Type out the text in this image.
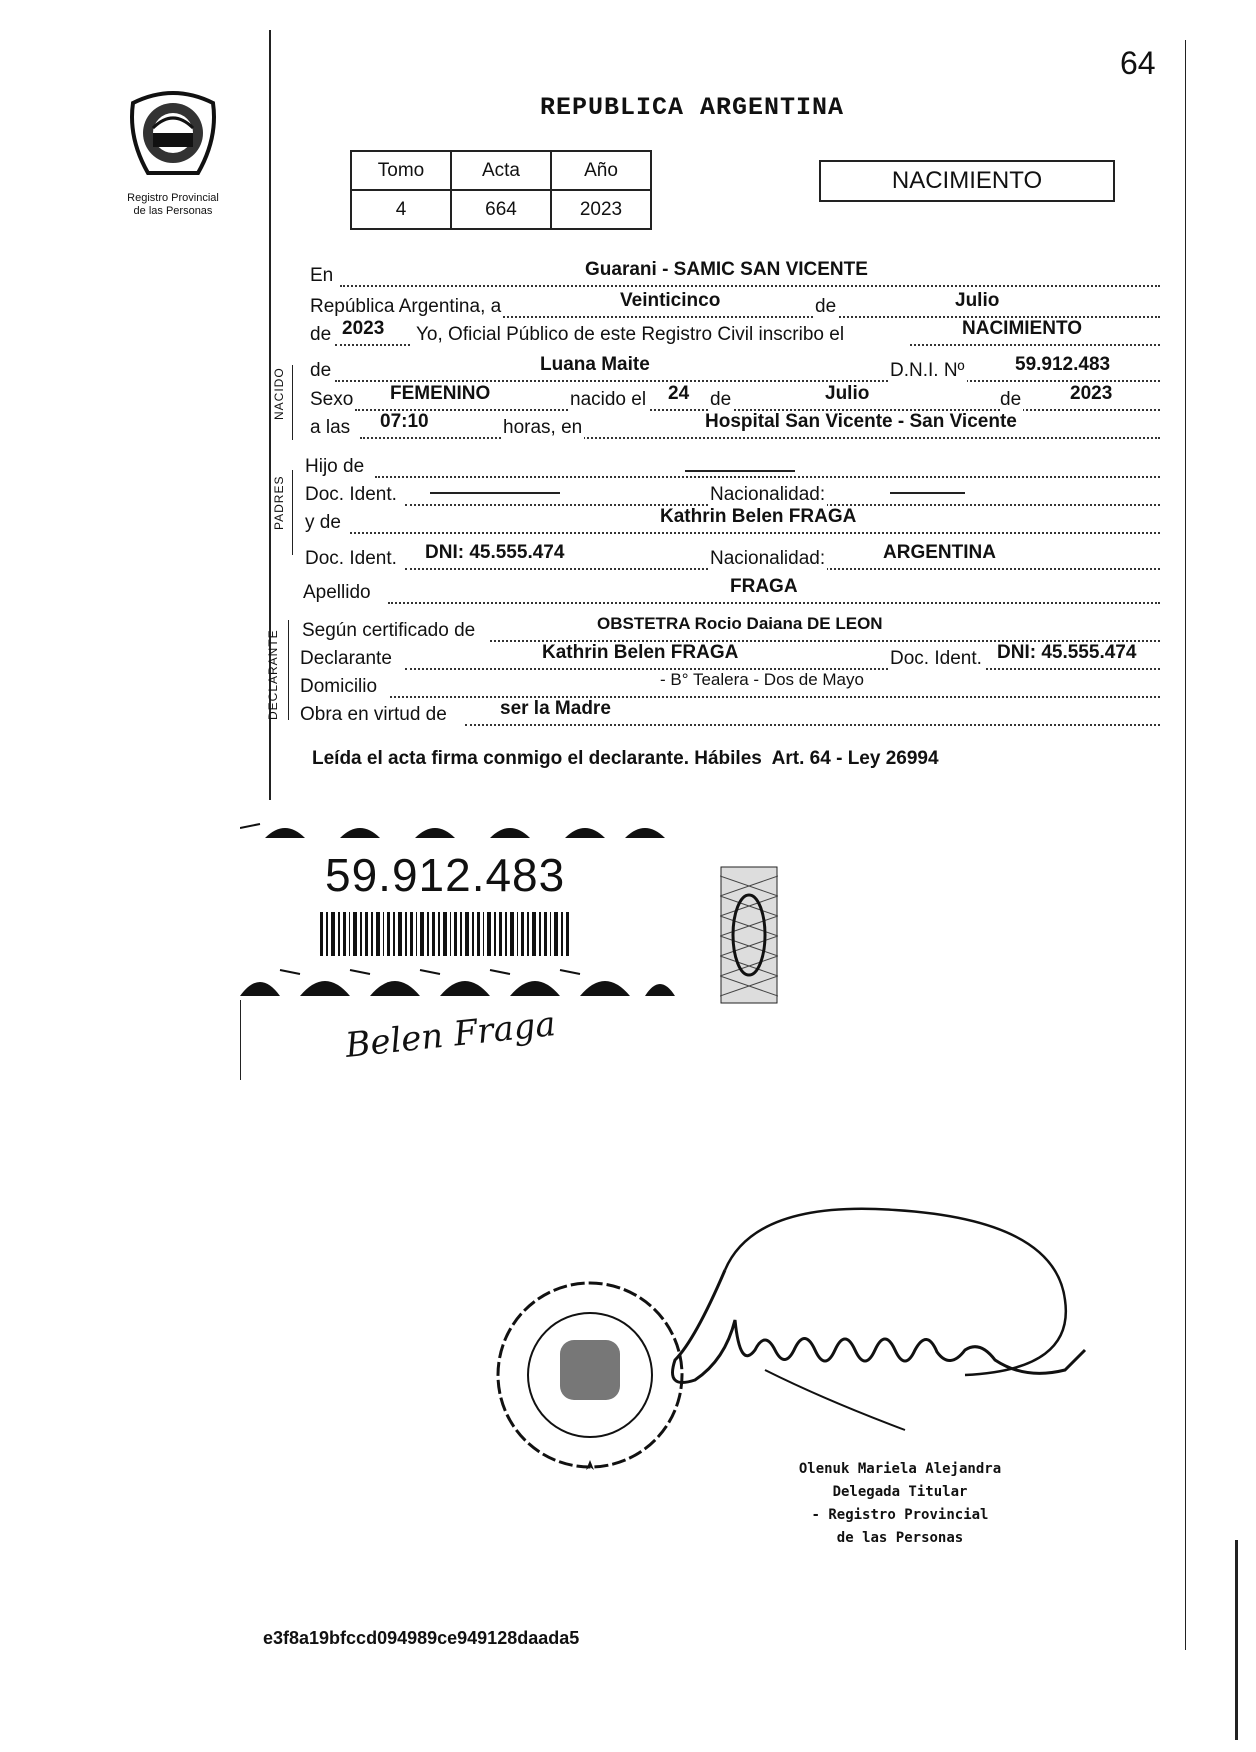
64
Registro Provincial
de las Personas
REPUBLICA ARGENTINA
Tomo	Acta	Año
4	664	2023
NACIMIENTO
NACIDO
PADRES
DECLARANTE
En	Guarani - SAMIC SAN VICENTE
República Argentina, a	Veinticinco	de	Julio
de 2023 Yo, Oficial Público de este Registro Civil inscribo el	NACIMIENTO
de	Luana Maite	D.N.I. Nº	59.912.483
Sexo FEMENINO	nacido el 24 de	Julio	de	2023
a las 07:10	horas, en	Hospital San Vicente - San Vicente
Hijo de
Doc. Ident.	Nacionalidad:
y de	Kathrin Belen FRAGA
Doc. Ident. DNI: 45.555.474	Nacionalidad:	ARGENTINA
Apellido	FRAGA
Según certificado de	OBSTETRA Rocio Daiana DE LEON
Declarante	Kathrin Belen FRAGA	Doc. Ident. DNI: 45.555.474
Domicilio	- B° Tealera - Dos de Mayo
Obra en virtud de	ser la Madre
Leída el acta firma conmigo el declarante. Hábiles  Art. 64 - Ley 26994
59.912.483
Belen Fraga
Olenuk Mariela Alejandra
Delegada Titular
- Registro Provincial
de las Personas
e3f8a19bfccd094989ce949128daada5
